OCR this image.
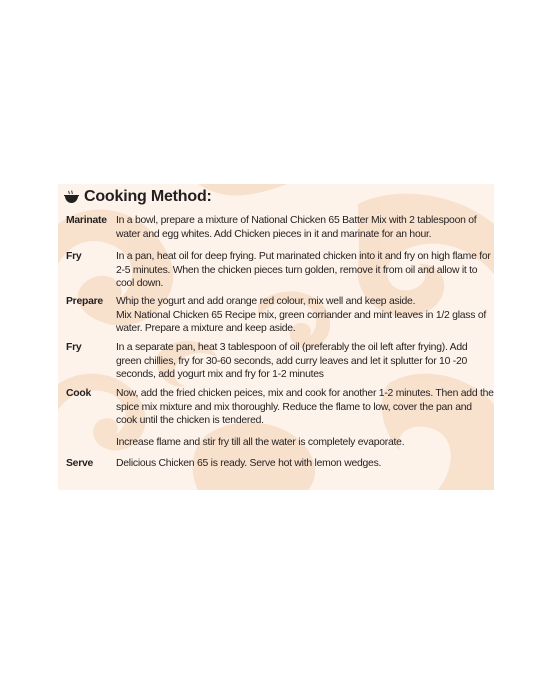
Cooking Method:
Marinate In a bowl, prepare a mixture of National Chicken 65 Batter Mix with 2 tablespoon of water and egg whites. Add Chicken pieces in it and marinate for an hour.

Fry	In a pan, heat oil for deep frying. Put marinated chicken into it and fry on high flame for 2-5 minutes. When the chicken pieces turn golden, remove it from oil and allow it to cool down.

Prepare Whip the yogurt and add orange red colour, mix well and keep aside.

Mix National Chicken 65 Recipe mix, green corriander and mint leaves in 1/2 glass of water. Prepare a mixture and keep aside.

Fry	In a separate pan, heat 3 tablespoon of oil (preferably the oil left after frying). Add green chillies, fry for 30-60 seconds, add curry leaves and let it splutter for 10 -20 seconds, add yogurt mix and fry for 1-2 minutes

Cook Now, add the fried chicken peices, mix and cook for another 1-2 minutes. Then add the spice mix mixture and mix thoroughly. Reduce the flame to low, cover the pan and cook until the chicken is tendered.

Increase flame and stir fry till all the water is completely evaporate.

Serve Delicious Chicken 65 is ready. Serve hot with lemon wedges.
